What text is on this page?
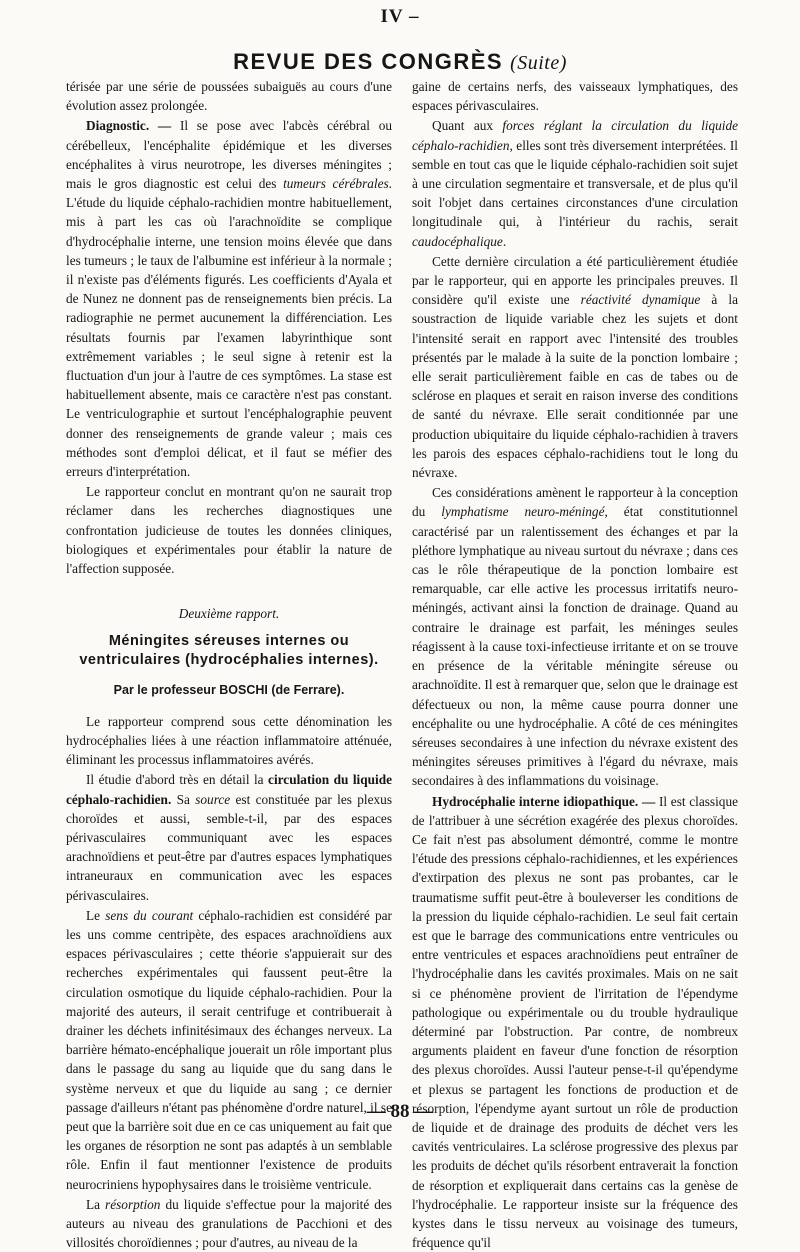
IV –
REVUE DES CONGRÈS (Suite)

térisée par une série de poussées subaiguës au cours d'une évolution assez prolongée.

Diagnostic. — Il se pose avec l'abcès cérébral ou cérébelleux, l'encéphalite épidémique et les diverses encéphalites à virus neurotrope, les diverses méningites ; mais le gros diagnostic est celui des tumeurs cérébrales. L'étude du liquide céphalo-rachidien montre habituellement, mis à part les cas où l'arachnoïdite se complique d'hydrocéphalie interne, une tension moins élevée que dans les tumeurs ; le taux de l'albumine est inférieur à la normale ; il n'existe pas d'éléments figurés. Les coefficients d'Ayala et de Nunez ne donnent pas de renseignements bien précis. La radiographie ne permet aucunement la différenciation. Les résultats fournis par l'examen labyrinthique sont extrêmement variables ; le seul signe à retenir est la fluctuation d'un jour à l'autre de ces symptômes. La stase est habituellement absente, mais ce caractère n'est pas constant. Le ventriculographie et surtout l'encéphalographie peuvent donner des renseignements de grande valeur ; mais ces méthodes sont d'emploi délicat, et il faut se méfier des erreurs d'interprétation.

Le rapporteur conclut en montrant qu'on ne saurait trop réclamer dans les recherches diagnostiques une confrontation judicieuse de toutes les données cliniques, biologiques et expérimentales pour établir la nature de l'affection supposée.

Deuxième rapport.
Méningites séreuses internes ou ventriculaires (hydrocéphalies internes).
Par le professeur BOSCHI (de Ferrare).

Le rapporteur comprend sous cette dénomination les hydrocéphalies liées à une réaction inflammatoire atténuée, éliminant les processus inflammatoires avérés.

Il étudie d'abord très en détail la circulation du liquide céphalo-rachidien. Sa source est constituée par les plexus choroïdes et aussi, semble-t-il, par des espaces périvasculaires communiquant avec les espaces arachnoïdiens et peut-être par d'autres espaces lymphatiques intraneuraux en communication avec les espaces périvasculaires.

Le sens du courant céphalo-rachidien est considéré par les uns comme centripète, des espaces arachnoïdiens aux espaces périvasculaires ; cette théorie s'appuierait sur des recherches expérimentales qui faussent peut-être la circulation osmotique du liquide céphalo-rachidien. Pour la majorité des auteurs, il serait centrifuge et contribuerait à drainer les déchets infinitésimaux des échanges nerveux. La barrière hémato-encéphalique jouerait un rôle important plus dans le passage du sang au liquide que du sang dans le système nerveux et que du liquide au sang ; ce dernier passage d'ailleurs n'étant pas phénomène d'ordre naturel, il se peut que la barrière soit due en ce cas uniquement au fait que les organes de résorption ne sont pas adaptés à un semblable rôle. Enfin il faut mentionner l'existence de produits neurocriniens hypophysaires dans le troisième ventricule.

La résorption du liquide s'effectue pour la majorité des auteurs au niveau des granulations de Pacchioni et des villosités choroïdiennes ; pour d'autres, au niveau de la

gaine de certains nerfs, des vaisseaux lymphatiques, des espaces périvasculaires.

Quant aux forces réglant la circulation du liquide céphalo-rachidien, elles sont très diversement interprétées. Il semble en tout cas que le liquide céphalo-rachidien soit sujet à une circulation segmentaire et transversale, et de plus qu'il soit l'objet dans certaines circonstances d'une circulation longitudinale qui, à l'intérieur du rachis, serait caudocéphalique.

Cette dernière circulation a été particulièrement étudiée par le rapporteur, qui en apporte les principales preuves. Il considère qu'il existe une réactivité dynamique à la soustraction de liquide variable chez les sujets et dont l'intensité serait en rapport avec l'intensité des troubles présentés par le malade à la suite de la ponction lombaire ; elle serait particulièrement faible en cas de tabes ou de sclérose en plaques et serait en raison inverse des conditions de santé du névraxe. Elle serait conditionnée par une production ubiquitaire du liquide céphalo-rachidien à travers les parois des espaces céphalo-rachidiens tout le long du névraxe.

Ces considérations amènent le rapporteur à la conception du lymphatisme neuro-méningé, état constitutionnel caractérisé par un ralentissement des échanges et par la pléthore lymphatique au niveau surtout du névraxe ; dans ces cas le rôle thérapeutique de la ponction lombaire est remarquable, car elle active les processus irritatifs neuro-méningés, activant ainsi la fonction de drainage. Quand au contraire le drainage est parfait, les méninges seules réagissent à la cause toxi-infectieuse irritante et on se trouve en présence de la véritable méningite séreuse ou arachnoïdite. Il est à remarquer que, selon que le drainage est défectueux ou non, la même cause pourra donner une encéphalite ou une hydrocéphalie. A côté de ces méningites séreuses secondaires à une infection du névraxe existent des méningites séreuses primitives à l'égard du névraxe, mais secondaires à des inflammations du voisinage.

Hydrocéphalie interne idiopathique. — Il est classique de l'attribuer à une sécrétion exagérée des plexus choroïdes. Ce fait n'est pas absolument démontré, comme le montre l'étude des pressions céphalo-rachidiennes, et les expériences d'extirpation des plexus ne sont pas probantes, car le traumatisme suffit peut-être à bouleverser les conditions de la pression du liquide céphalo-rachidien. Le seul fait certain est que le barrage des communications entre ventricules ou entre ventricules et espaces arachnoïdiens peut entraîner de l'hydrocéphalie dans les cavités proximales. Mais on ne sait si ce phénomène provient de l'irritation de l'épendyme pathologique ou expérimentale ou du trouble hydraulique déterminé par l'obstruction. Par contre, de nombreux arguments plaident en faveur d'une fonction de résorption des plexus choroïdes. Aussi l'auteur pense-t-il qu'épendyme et plexus se partagent les fonctions de production et de résorption, l'épendyme ayant surtout un rôle de production de liquide et de drainage des produits de déchet vers les cavités ventriculaires. La sclérose progressive des plexus par les produits de déchet qu'ils résorbent entraverait la fonction de résorption et expliquerait dans certains cas la genèse de l'hydrocéphalie. Le rapporteur insiste sur la fréquence des kystes dans le tissu nerveux au voisinage des tumeurs, fréquence qu'il

— 88 —
